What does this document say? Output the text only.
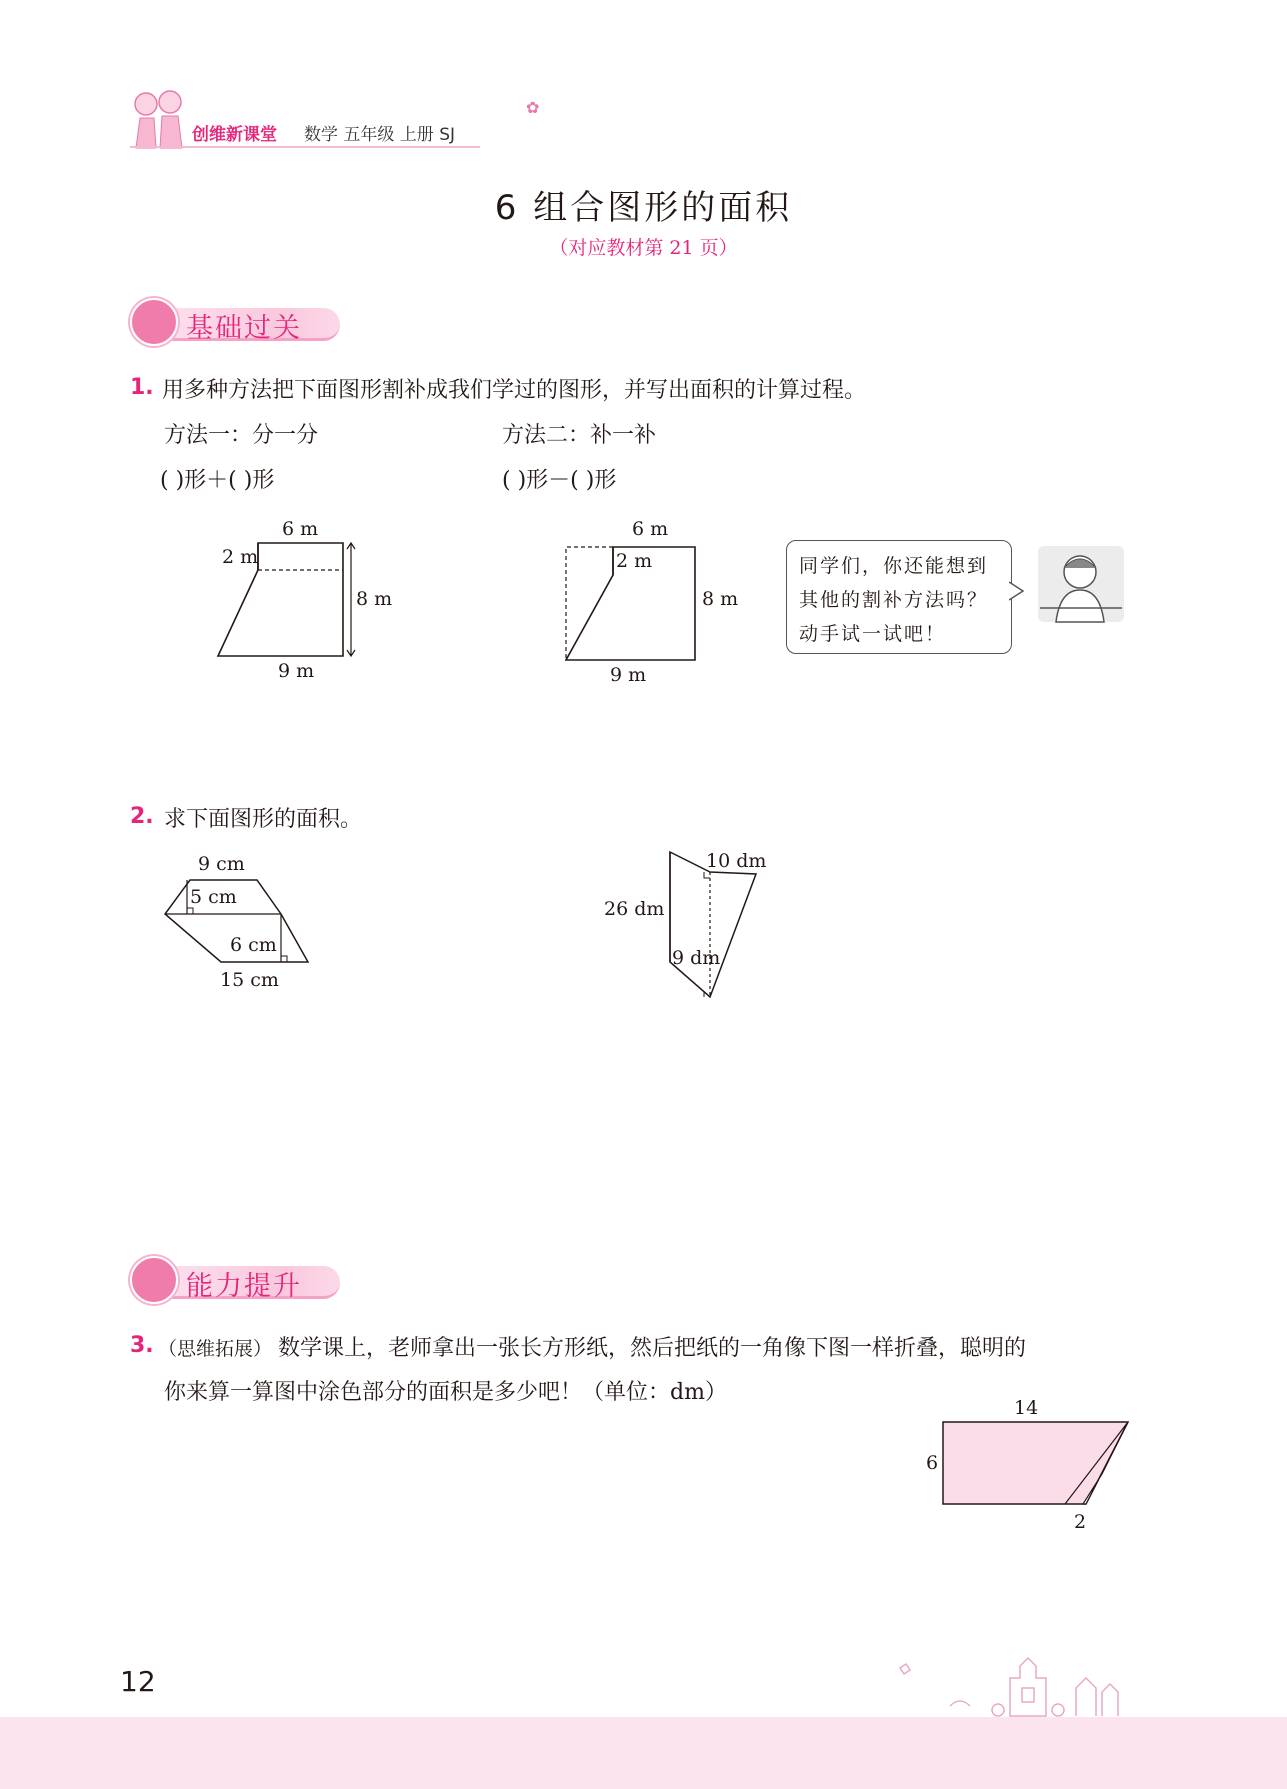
创维新课堂 数学 五年级 上册 SJ
✿
6 组合图形的面积
（对应教材第 21 页）
基础过关
1. 用多种方法把下面图形割补成我们学过的图形，并写出面积的计算过程。
方法一：分一分	方法二：补一补
( )形＋( )形	( )形－( )形
6 m
2 m
8 m
9 m
6 m
2 m
8 m
9 m
同学们，你还能想到
其他的割补方法吗？
动手试一试吧！
2. 求下面图形的面积。
9 cm
5 cm
6 cm
15 cm
10 dm
26 dm
9 dm
能力提升
3. （思维拓展） 数学课上，老师拿出一张长方形纸，然后把纸的一角像下图一样折叠，聪明的
你来算一算图中涂色部分的面积是多少吧！（单位：dm）
14
6
2
12
